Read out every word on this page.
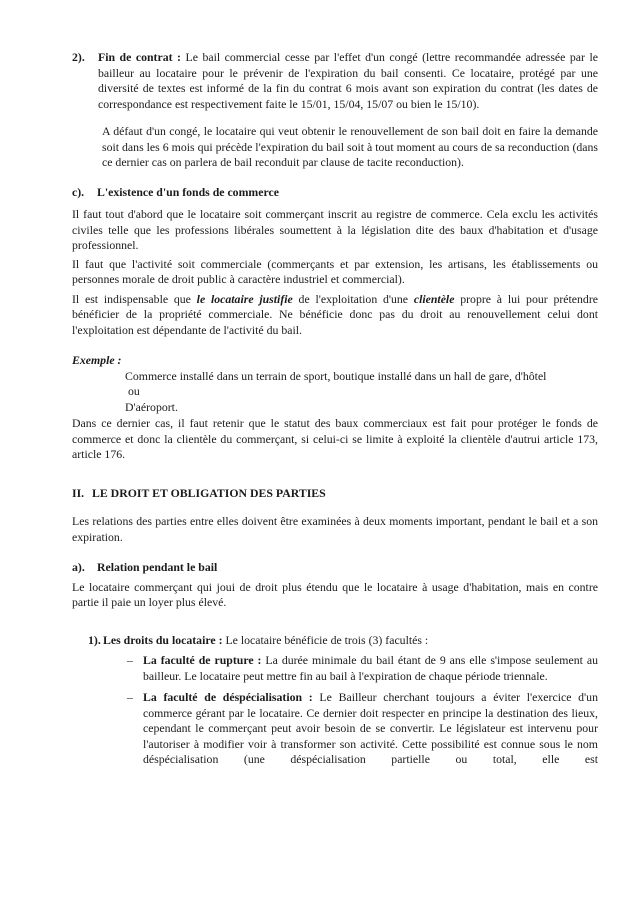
2). Fin de contrat : Le bail commercial cesse par l'effet d'un congé (lettre recommandée adressée par le bailleur au locataire pour le prévenir de l'expiration du bail consenti. Ce locataire, protégé par une diversité de textes est informé de la fin du contrat 6 mois avant son expiration du contrat (les dates de correspondance est respectivement faite le 15/01, 15/04, 15/07 ou bien le 15/10).
A défaut d'un congé, le locataire qui veut obtenir le renouvellement de son bail doit en faire la demande soit dans les 6 mois qui précède l'expiration du bail soit à tout moment au cours de sa reconduction (dans ce dernier cas on parlera de bail reconduit par clause de tacite reconduction).
c). L'existence d'un fonds de commerce
Il faut tout d'abord que le locataire soit commerçant inscrit au registre de commerce. Cela exclu les activités civiles telle que les professions libérales soumettent à la législation dite des baux d'habitation et d'usage professionnel.
Il faut que l'activité soit commerciale (commerçants et par extension, les artisans, les établissements ou personnes morale de droit public à caractère industriel et commercial).
Il est indispensable que le locataire justifie de l'exploitation d'une clientèle propre à lui pour prétendre bénéficier de la propriété commerciale. Ne bénéficie donc pas du droit au renouvellement celui dont l'exploitation est dépendante de l'activité du bail.
Exemple :
Commerce installé dans un terrain de sport, boutique installé dans un hall de gare, d'hôtel
ou
D'aéroport.
Dans ce dernier cas, il faut retenir que le statut des baux commerciaux est fait pour protéger le fonds de commerce et donc la clientèle du commerçant, si celui-ci se limite à exploité la clientèle d'autrui article 173, article 176.
II. LE DROIT ET OBLIGATION DES PARTIES
Les relations des parties entre elles doivent être examinées à deux moments important, pendant le bail et a son expiration.
a). Relation pendant le bail
Le locataire commerçant qui joui de droit plus étendu que le locataire à usage d'habitation, mais en contre partie il paie un loyer plus élevé.
1). Les droits du locataire : Le locataire bénéficie de trois (3) facultés :
– La faculté de rupture : La durée minimale du bail étant de 9 ans elle s'impose seulement au bailleur. Le locataire peut mettre fin au bail à l'expiration de chaque période triennale.
– La faculté de déspécialisation : Le Bailleur cherchant toujours a éviter l'exercice d'un commerce gérant par le locataire. Ce dernier doit respecter en principe la destination des lieux, cependant le commerçant peut avoir besoin de se convertir. Le législateur est intervenu pour l'autoriser à modifier voir à transformer son activité. Cette possibilité est connue sous le nom déspécialisation (une déspécialisation partielle ou total, elle est
